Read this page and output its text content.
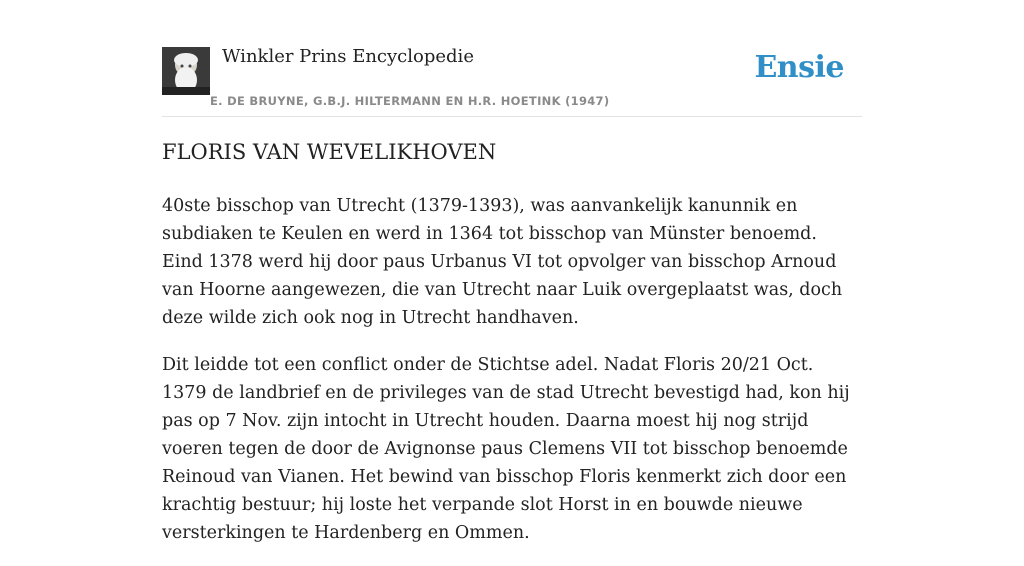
Winkler Prins Encyclopedie
E. DE BRUYNE, G.B.J. HILTERMANN EN H.R. HOETINK (1947)
Ensie
FLORIS VAN WEVELIKHOVEN

40ste bisschop van Utrecht (1379-1393), was aanvankelijk kanunnik en subdiaken te Keulen en werd in 1364 tot bisschop van Münster benoemd. Eind 1378 werd hij door paus Urbanus VI tot opvolger van bisschop Arnoud van Hoorne aangewezen, die van Utrecht naar Luik overgeplaatst was, doch deze wilde zich ook nog in Utrecht handhaven.

Dit leidde tot een conflict onder de Stichtse adel. Nadat Floris 20/21 Oct. 1379 de landbrief en de privileges van de stad Utrecht bevestigd had, kon hij pas op 7 Nov. zijn intocht in Utrecht houden. Daarna moest hij nog strijd voeren tegen de door de Avignonse paus Clemens VII tot bisschop benoemde Reinoud van Vianen. Het bewind van bisschop Floris kenmerkt zich door een krachtig bestuur; hij loste het verpande slot Horst in en bouwde nieuwe versterkingen te Hardenberg en Ommen.
